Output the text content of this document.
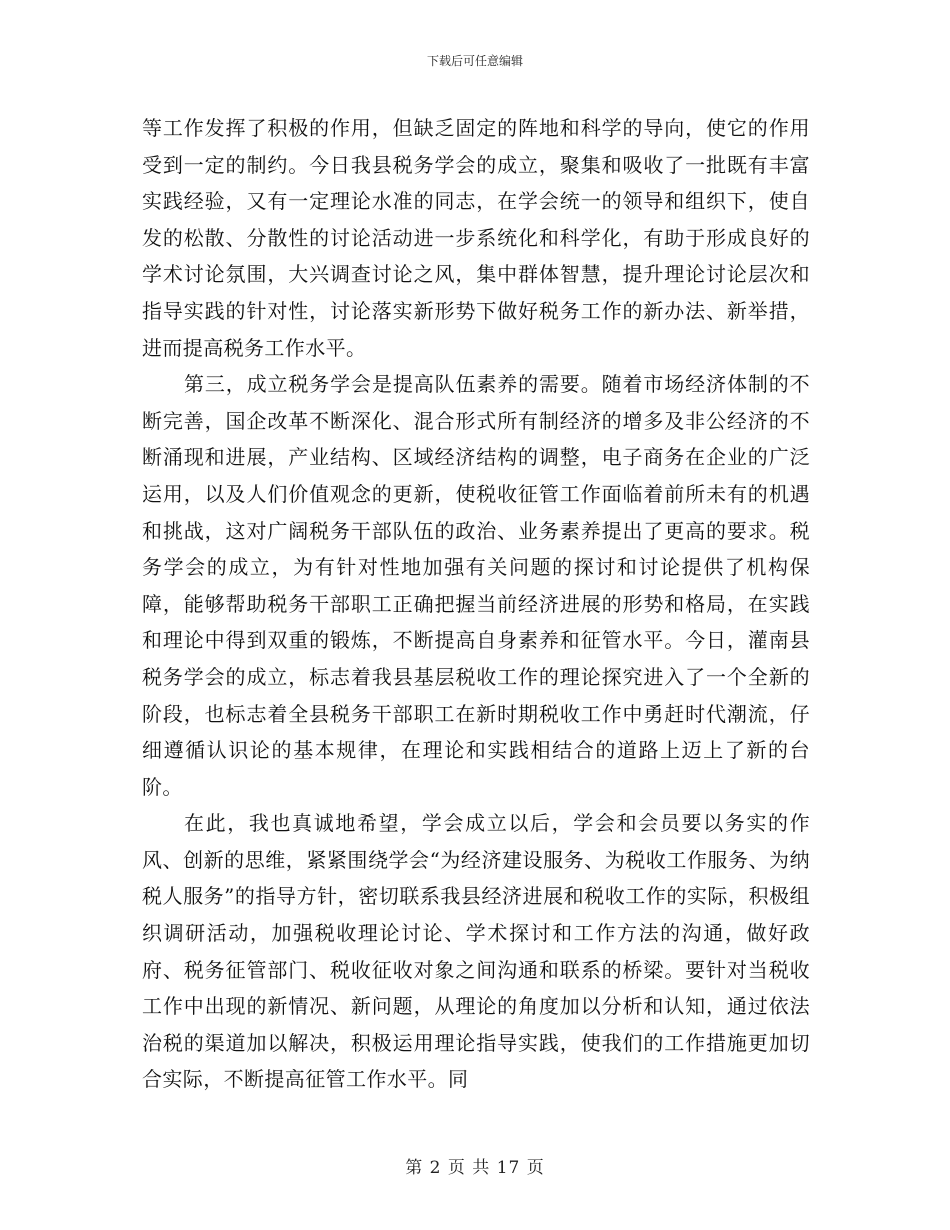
下载后可任意编辑

等工作发挥了积极的作用，但缺乏固定的阵地和科学的导向，使它的作用受到一定的制约。今日我县税务学会的成立，聚集和吸收了一批既有丰富实践经验，又有一定理论水准的同志，在学会统一的领导和组织下，使自发的松散、分散性的讨论活动进一步系统化和科学化，有助于形成良好的学术讨论氛围，大兴调查讨论之风，集中群体智慧，提升理论讨论层次和指导实践的针对性，讨论落实新形势下做好税务工作的新办法、新举措，进而提高税务工作水平。

第三，成立税务学会是提高队伍素养的需要。随着市场经济体制的不断完善，国企改革不断深化、混合形式所有制经济的增多及非公经济的不断涌现和进展，产业结构、区域经济结构的调整，电子商务在企业的广泛运用，以及人们价值观念的更新，使税收征管工作面临着前所未有的机遇和挑战，这对广阔税务干部队伍的政治、业务素养提出了更高的要求。税务学会的成立，为有针对性地加强有关问题的探讨和讨论提供了机构保障，能够帮助税务干部职工正确把握当前经济进展的形势和格局，在实践和理论中得到双重的锻炼，不断提高自身素养和征管水平。今日，灌南县税务学会的成立，标志着我县基层税收工作的理论探究进入了一个全新的阶段，也标志着全县税务干部职工在新时期税收工作中勇赶时代潮流，仔细遵循认识论的基本规律，在理论和实践相结合的道路上迈上了新的台阶。

在此，我也真诚地希望，学会成立以后，学会和会员要以务实的作风、创新的思维，紧紧围绕学会“为经济建设服务、为税收工作服务、为纳税人服务”的指导方针，密切联系我县经济进展和税收工作的实际，积极组织调研活动，加强税收理论讨论、学术探讨和工作方法的沟通，做好政府、税务征管部门、税收征收对象之间沟通和联系的桥梁。要针对当税收工作中出现的新情况、新问题，从理论的角度加以分析和认知，通过依法治税的渠道加以解决，积极运用理论指导实践，使我们的工作措施更加切合实际，不断提高征管工作水平。同

第 2 页 共 17 页
